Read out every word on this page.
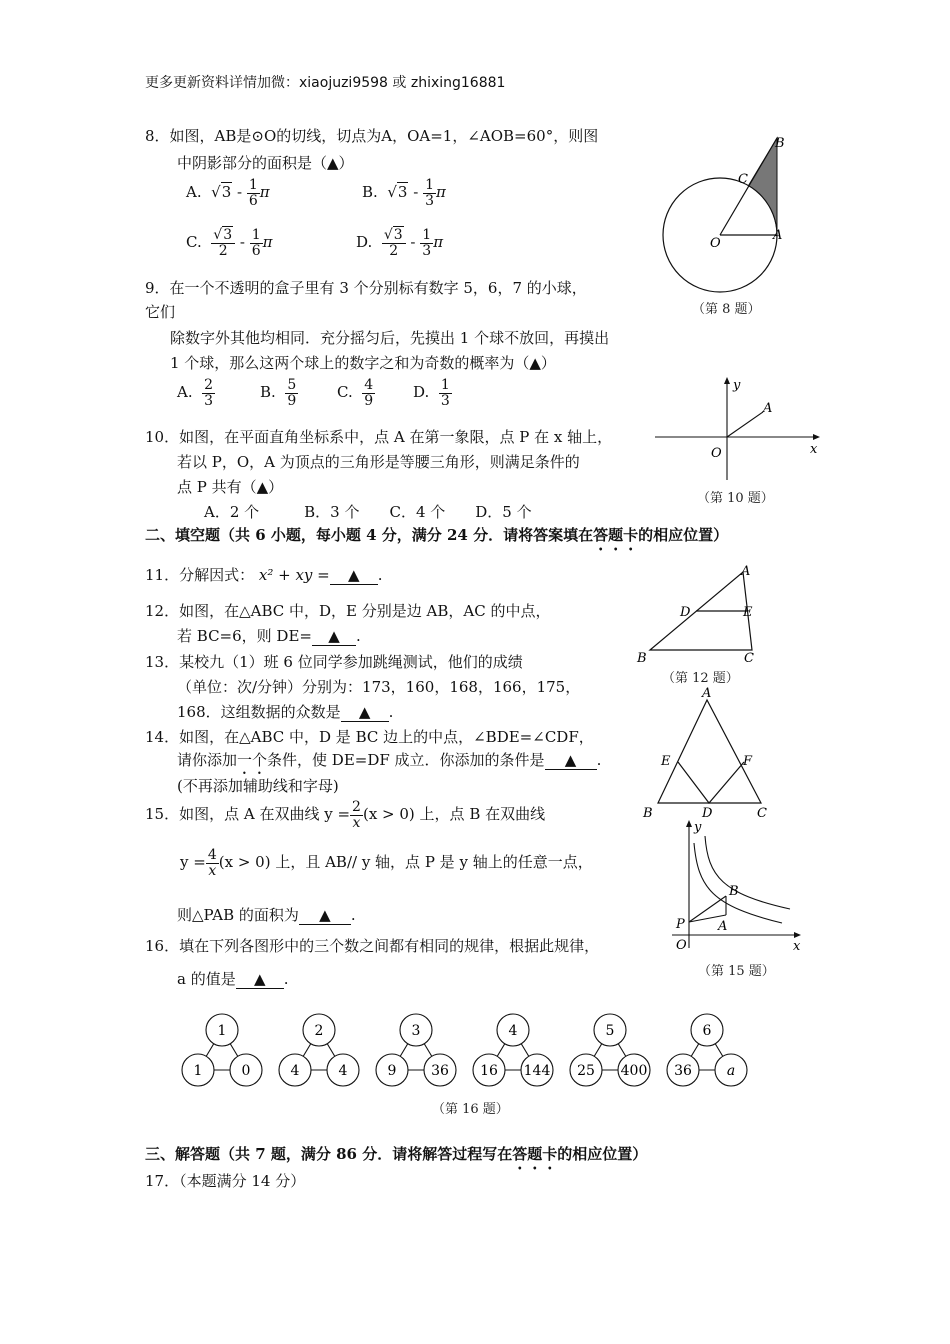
更多更新资料详情加微：xiaojuzi9598 或 zhixing16881
8．如图，AB是⊙O的切线，切点为A，OA=1，∠AOB=60°，则图
中阴影部分的面积是（▲）
A. $√3 - \frac{1}{6}$ π	B. $√3 - \frac{1}{3}$ π
C. $\frac{√3}{2} - \frac{1}{6}$ π	D. $\frac{√3}{2} - \frac{1}{3}$ π
B
C
O
A
（第 8 题）
9．在一个不透明的盒子里有 3 个分别标有数字 5，6，7 的小球，
它们
除数字外其他均相同．充分摇匀后，先摸出 1 个球不放回，再摸出
1 个球，那么这两个球上的数字之和为奇数的概率为（▲）
A. $\frac{2}{3}$	B. $\frac{5}{9}$	C. $\frac{4}{9}$	D. $\frac{1}{3}$
10．如图，在平面直角坐标系中，点 A 在第一象限，点 P 在 x 轴上，
若以 P，O，A 为顶点的三角形是等腰三角形，则满足条件的
点 P 共有（▲）
A．2 个　　　B．3 个　　C．4 个　　D．5 个
y
A
O	x
（第 10 题）
二、填空题（共 6 小题，每小题 4 分，满分 24 分．请将答案填在答题卡的相应位置）
11．分解因式： x² + xy = ▲ .
12．如图，在△ABC 中，D，E 分别是边 AB，AC 的中点，
若 BC=6，则 DE= ▲ .
A
D	E
B	C
（第 12 题）
13．某校九（1）班 6 位同学参加跳绳测试，他们的成绩
（单位：次/分钟）分别为：173，160，168，166，175，
168．这组数据的众数是 ▲ .
14．如图，在△ABC 中，D 是 BC 边上的中点，∠BDE=∠CDF，
请你添加一个条件，使 DE=DF 成立．你添加的条件是 ▲ .
(不再添加辅助线和字母)
A
E	F
B	D	C
15．如图，点 A 在双曲线 $y = \frac{2}{x} (x > 0)$ 上，点 B 在双曲线
$y = \frac{4}{x} (x > 0)$ 上，且 AB// y 轴，点 P 是 y 轴上的任意一点，
则△PAB 的面积为 ▲ .
y
B
A
P
O	x
（第 15 题）
16．填在下列各图形中的三个数之间都有相同的规律，根据此规律，
a 的值是 ▲ .
1
1	0
2
4	4
3
9 36
4
16 144
5
25 400
6
36 a
（第 16 题）
三、解答题（共 7 题，满分 86 分．请将解答过程写在答题卡的相应位置）
17．（本题满分 14 分）
